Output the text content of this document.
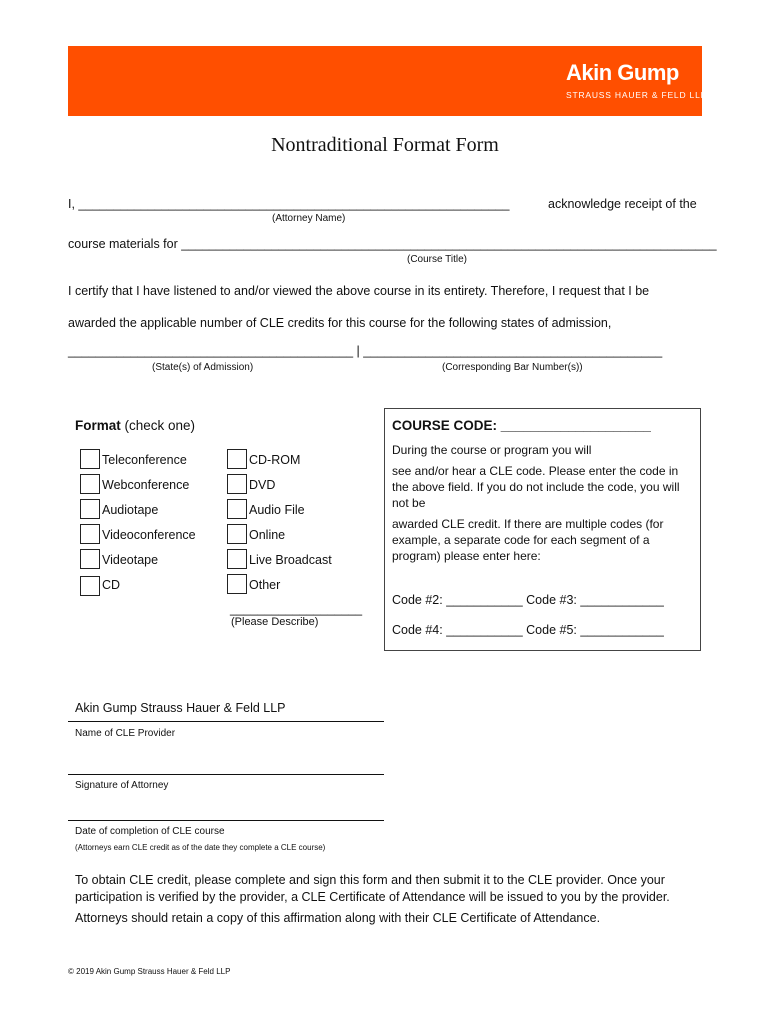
Akin Gump
STRAUSS HAUER & FELD LLP
Nontraditional Format Form
I, ______________________________________________________________	acknowledge receipt of the
(Attorney Name)
course materials for _____________________________________________________________________________
(Course Title)
I certify that I have listened to and/or viewed the above course in its entirety. Therefore, I request that I be
awarded the applicable number of CLE credits for this course for the following states of admission,
_________________________________________ | ___________________________________________
(State(s) of Admission)	(Corresponding Bar Number(s))
Format (check one)
Teleconference
Webconference
Audiotape
Videoconference
Videotape
CD
CD-ROM
DVD
Audio File
Online
Live Broadcast
Other
___________________
(Please Describe)
COURSE CODE: ____________________
During the course or program you will
see and/or hear a CLE code. Please enter the code in the above field. If you do not include the code, you will not be
awarded CLE credit. If there are multiple codes (for example, a separate code for each segment of a program) please enter here:
Code #2: ___________ Code #3: ____________
Code #4: ___________ Code #5: ____________
Akin Gump Strauss Hauer & Feld LLP
Name of CLE Provider
Signature of Attorney
Date of completion of CLE course
(Attorneys earn CLE credit as of the date they complete a CLE course)
To obtain CLE credit, please complete and sign this form and then submit it to the CLE provider. Once your participation is verified by the provider, a CLE Certificate of Attendance will be issued to you by the provider.
Attorneys should retain a copy of this affirmation along with their CLE Certificate of Attendance.
© 2019 Akin Gump Strauss Hauer & Feld LLP
